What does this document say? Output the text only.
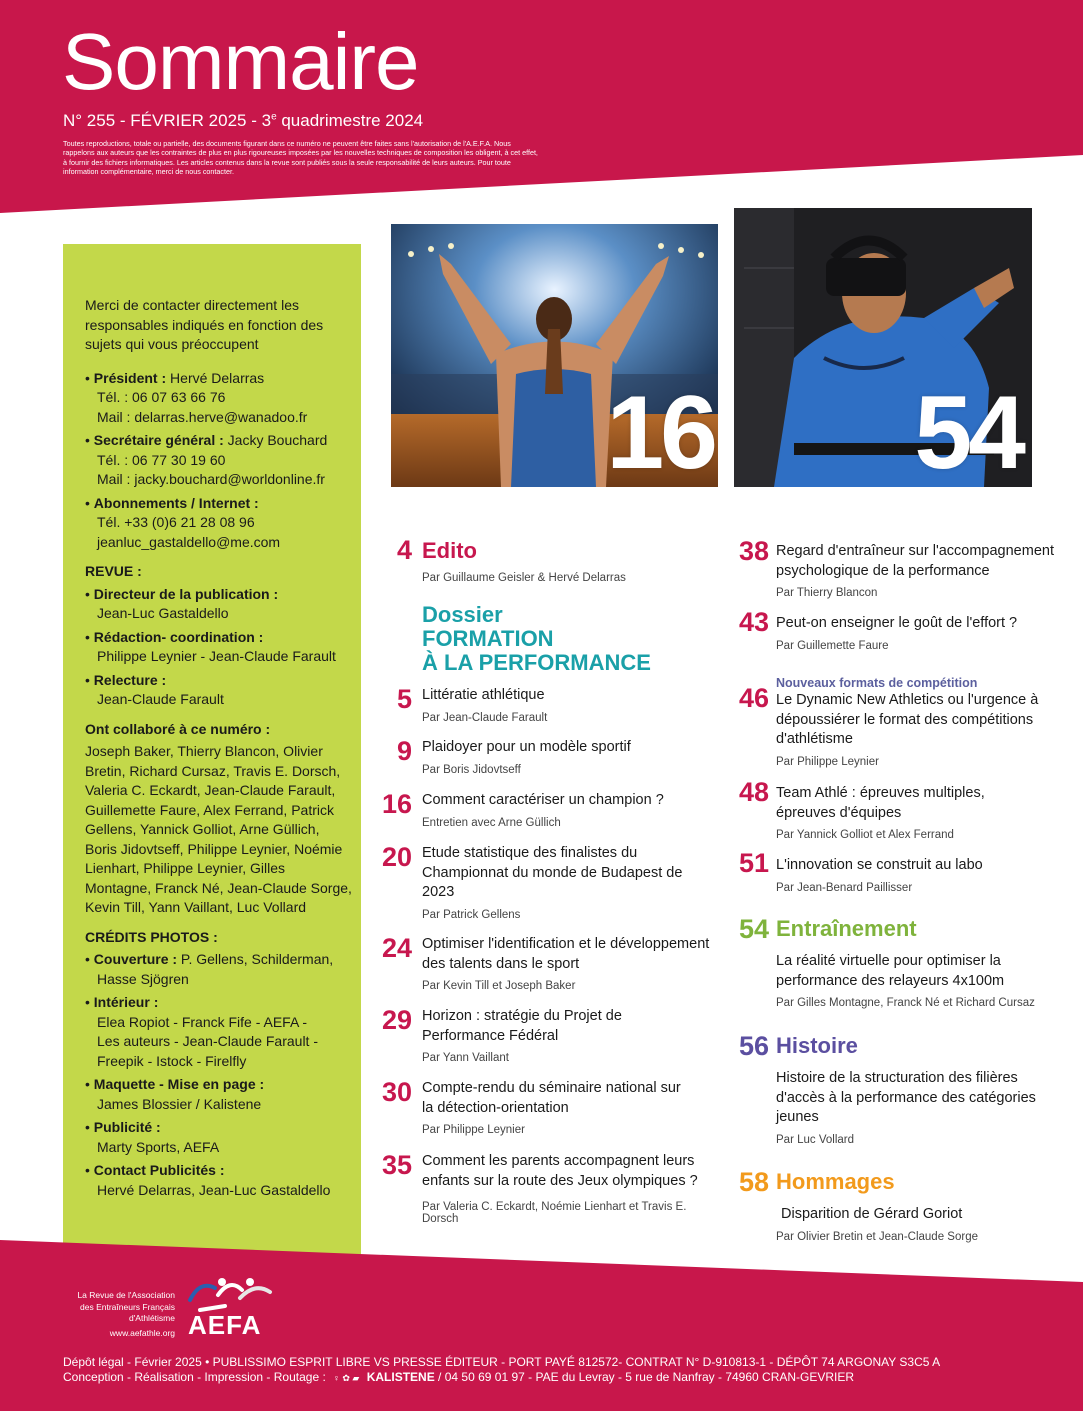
Sommaire
N° 255 - FÉVRIER 2025 - 3e quadrimestre 2024
Toutes reproductions, totale ou partielle, des documents figurant dans ce numéro ne peuvent être faites sans l'autorisation de l'A.E.F.A. Nous rappelons aux auteurs que les contraintes de plus en plus rigoureuses imposées par les nouvelles techniques de composition les obligent, à cet effet, à fournir des fichiers informatiques. Les articles contenus dans la revue sont publiés sous la seule responsabilité de leurs auteurs. Pour toute information complémentaire, merci de nous contacter.
Merci de contacter directement les responsables indiqués en fonction des sujets qui vous préoccupent
• Président : Hervé Delarras
Tél. : 06 07 63 66 76
Mail : delarras.herve@wanadoo.fr
• Secrétaire général : Jacky Bouchard
Tél. : 06 77 30 19 60
Mail : jacky.bouchard@worldonline.fr
• Abonnements / Internet :
Tél. +33 (0)6 21 28 08 96
jeanluc_gastaldello@me.com
REVUE :
• Directeur de la publication :
Jean-Luc Gastaldello
• Rédaction- coordination :
Philippe Leynier - Jean-Claude Farault
• Relecture :
Jean-Claude Farault
Ont collaboré à ce numéro :
Joseph Baker, Thierry Blancon, Olivier Bretin, Richard Cursaz, Travis E. Dorsch, Valeria C. Eckardt, Jean-Claude Farault, Guillemette Faure, Alex Ferrand, Patrick Gellens, Yannick Golliot, Arne Güllich, Boris Jidovtseff, Philippe Leynier, Noémie Lienhart, Philippe Leynier, Gilles Montagne, Franck Né, Jean-Claude Sorge, Kevin Till, Yann Vaillant, Luc Vollard
CRÉDITS PHOTOS :
• Couverture : P. Gellens, Schilderman,
Hasse Sjögren
• Intérieur :
Elea Ropiot - Franck Fife - AEFA -
Les auteurs - Jean-Claude Farault -
Freepik - Istock - Firelfly
• Maquette - Mise en page :
James Blossier / Kalistene
• Publicité :
Marty Sports, AEFA
• Contact Publicités :
Hervé Delarras, Jean-Luc Gastaldello
16 54
4 Edito
Par Guillaume Geisler & Hervé Delarras
Dossier
FORMATION
À LA PERFORMANCE
5 Littératie athlétique
Par Jean-Claude Farault
9 Plaidoyer pour un modèle sportif
Par Boris Jidovtseff
16 Comment caractériser un champion ?
Entretien avec Arne Güllich
20 Etude statistique des finalistes du Championnat du monde de Budapest de 2023
Par Patrick Gellens
24 Optimiser l'identification et le développement des talents dans le sport
Par Kevin Till et Joseph Baker
29 Horizon : stratégie du Projet de Performance Fédéral
Par Yann Vaillant
30 Compte-rendu du séminaire national sur la détection-orientation
Par Philippe Leynier
35 Comment les parents accompagnent leurs enfants sur la route des Jeux olympiques ?
Par Valeria C. Eckardt, Noémie Lienhart et Travis E. Dorsch
38 Regard d'entraîneur sur l'accompagnement psychologique de la performance
Par Thierry Blancon
43 Peut-on enseigner le goût de l'effort ?
Par Guillemette Faure
46 Nouveaux formats de compétition
Le Dynamic New Athletics ou l'urgence à dépoussiérer le format des compétitions d'athlétisme
Par Philippe Leynier
48 Team Athlé : épreuves multiples, épreuves d'équipes
Par Yannick Golliot et Alex Ferrand
51 L'innovation se construit au labo
Par Jean-Benard Paillisser
54 Entraînement
La réalité virtuelle pour optimiser la performance des relayeurs 4x100m
Par Gilles Montagne, Franck Né et Richard Cursaz
56 Histoire
Histoire de la structuration des filières d'accès à la performance des catégories jeunes
Par Luc Vollard
58 Hommages
Disparition de Gérard Goriot
Par Olivier Bretin et Jean-Claude Sorge
La Revue de l'Association des Entraîneurs Français d'Athlétisme
www.aefathle.org AEFA
Dépôt légal - Février 2025 • PUBLISSIMO ESPRIT LIBRE VS PRESSE ÉDITEUR - PORT PAYÉ 812572- CONTRAT N° D-910813-1 - DÉPÔT 74 ARGONAY S3C5 A
Conception - Réalisation - Impression - Routage : ♀ ✿ ▰ KALISTENE / 04 50 69 01 97 - PAE du Levray - 5 rue de Nanfray - 74960 CRAN-GEVRIER
